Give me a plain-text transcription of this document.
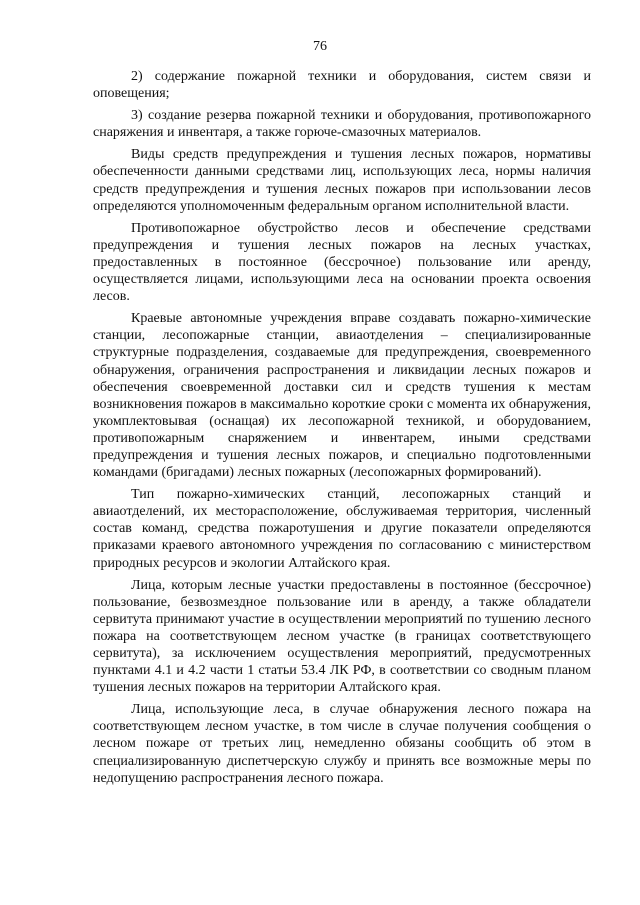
76

2) содержание пожарной техники и оборудования, систем связи и оповещения;

3) создание резерва пожарной техники и оборудования, противопожарного снаряжения и инвентаря, а также горюче-смазочных материалов.

Виды средств предупреждения и тушения лесных пожаров, нормативы обеспеченности данными средствами лиц, использующих леса, нормы наличия средств предупреждения и тушения лесных пожаров при использовании лесов определяются уполномоченным федеральным органом исполнительной власти.

Противопожарное обустройство лесов и обеспечение средствами предупреждения и тушения лесных пожаров на лесных участках, предоставленных в постоянное (бессрочное) пользование или аренду, осуществляется лицами, использующими леса на основании проекта освоения лесов.

Краевые автономные учреждения вправе создавать пожарно-химические станции, лесопожарные станции, авиаотделения – специализированные структурные подразделения, создаваемые для предупреждения, своевременного обнаружения, ограничения распространения и ликвидации лесных пожаров и обеспечения своевременной доставки сил и средств тушения к местам возникновения пожаров в максимально короткие сроки с момента их обнаружения, укомплектовывая (оснащая) их лесопожарной техникой, и оборудованием, противопожарным снаряжением и инвентарем, иными средствами предупреждения и тушения лесных пожаров, и специально подготовленными командами (бригадами) лесных пожарных (лесопожарных формирований).

Тип пожарно-химических станций, лесопожарных станций и авиаотделений, их месторасположение, обслуживаемая территория, численный состав команд, средства пожаротушения и другие показатели определяются приказами краевого автономного учреждения по согласованию с министерством природных ресурсов и экологии Алтайского края.

Лица, которым лесные участки предоставлены в постоянное (бессрочное) пользование, безвозмездное пользование или в аренду, а также обладатели сервитута принимают участие в осуществлении мероприятий по тушению лесного пожара на соответствующем лесном участке (в границах соответствующего сервитута), за исключением осуществления мероприятий, предусмотренных пунктами 4.1 и 4.2 части 1 статьи 53.4 ЛК РФ, в соответствии со сводным планом тушения лесных пожаров на территории Алтайского края.

Лица, использующие леса, в случае обнаружения лесного пожара на соответствующем лесном участке, в том числе в случае получения сообщения о лесном пожаре от третьих лиц, немедленно обязаны сообщить об этом в специализированную диспетчерскую службу и принять все возможные меры по недопущению распространения лесного пожара.
